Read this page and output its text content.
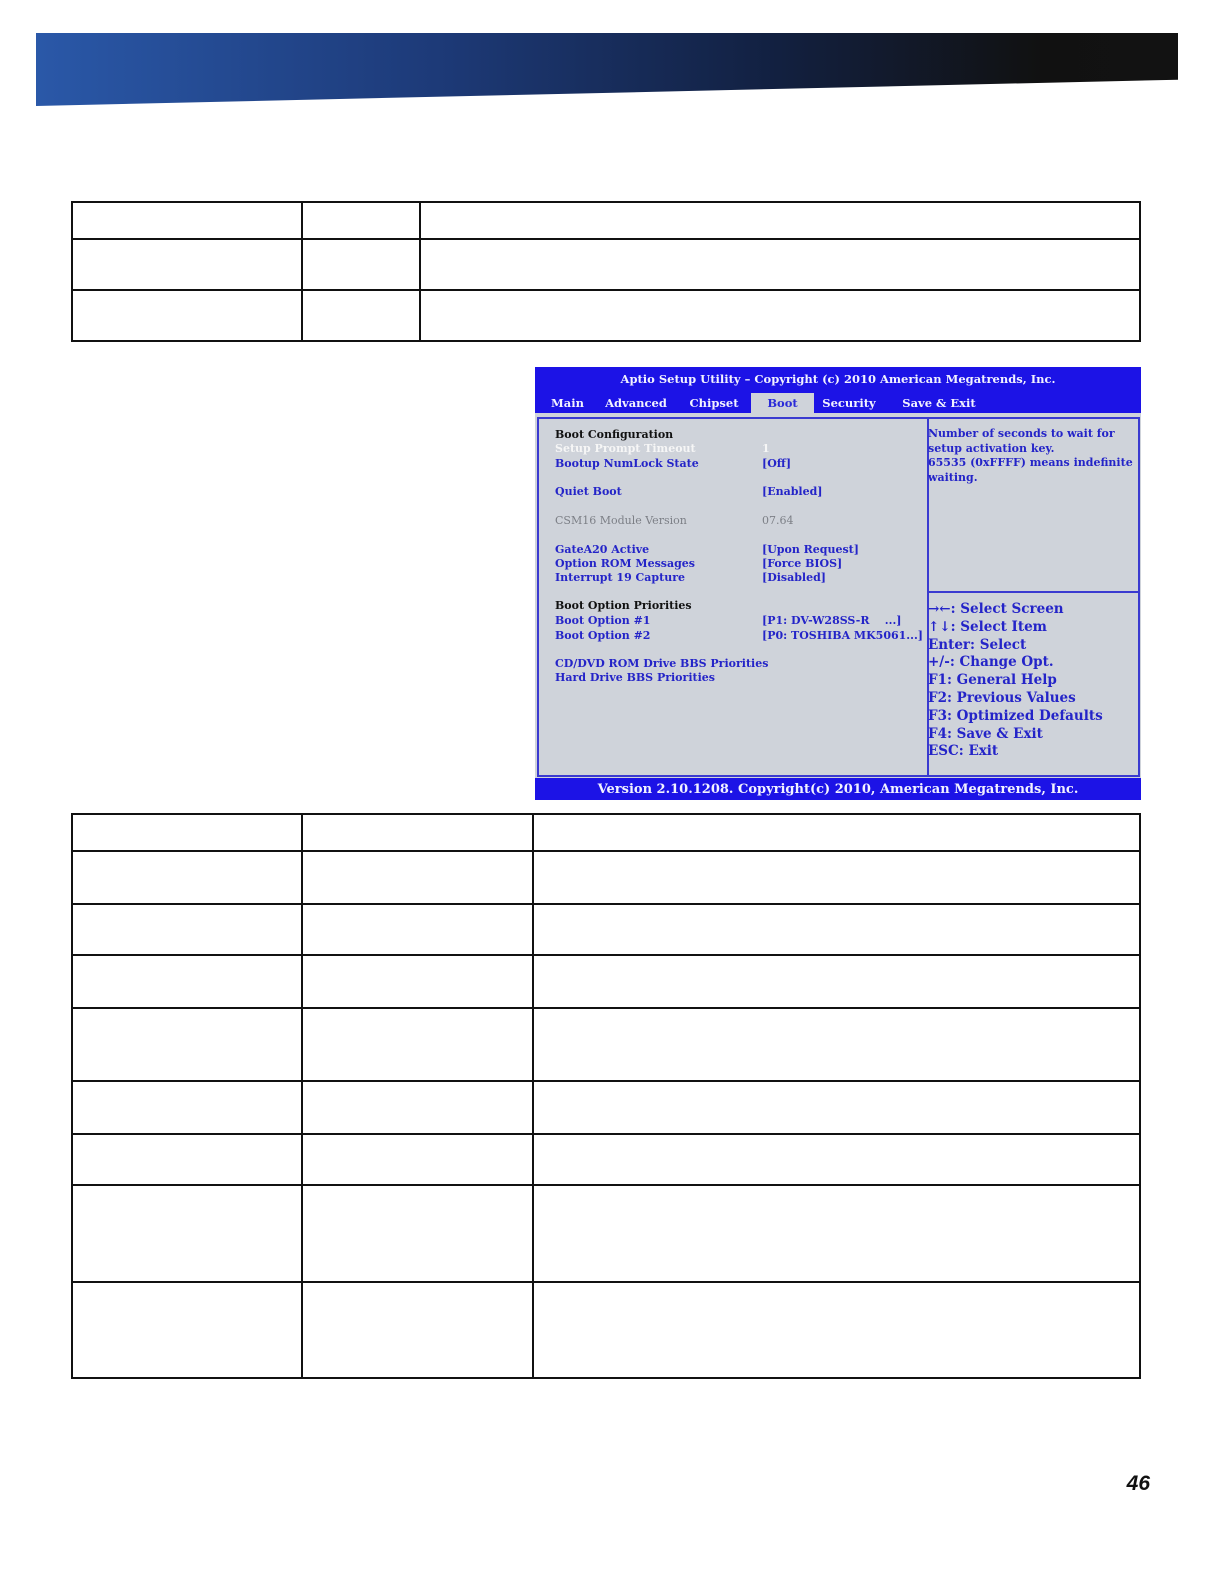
Aptio Setup Utility – Copyright (c) 2010 American Megatrends, Inc.
Main	Advanced	Chipset	Boot	Security	Save & Exit
Boot Configuration
Setup Prompt Timeout	1
Bootup NumLock State	[Off]
Quiet Boot	[Enabled]
CSM16 Module Version	07.64
GateA20 Active	[Upon Request]
Option ROM Messages	[Force BIOS]
Interrupt 19 Capture	[Disabled]
Boot Option Priorities
Boot Option #1	[P1: DV-W28SS-R    ...]
Boot Option #2	[P0: TOSHIBA MK5061...]
CD/DVD ROM Drive BBS Priorities
Hard Drive BBS Priorities
Number of seconds to wait for
setup activation key.
65535 (0xFFFF) means indefinite
waiting.
→←: Select Screen
↑↓: Select Item
Enter: Select
+/-: Change Opt.
F1: General Help
F2: Previous Values
F3: Optimized Defaults
F4: Save & Exit
ESC: Exit
Version 2.10.1208. Copyright(c) 2010, American Megatrends, Inc.

46
